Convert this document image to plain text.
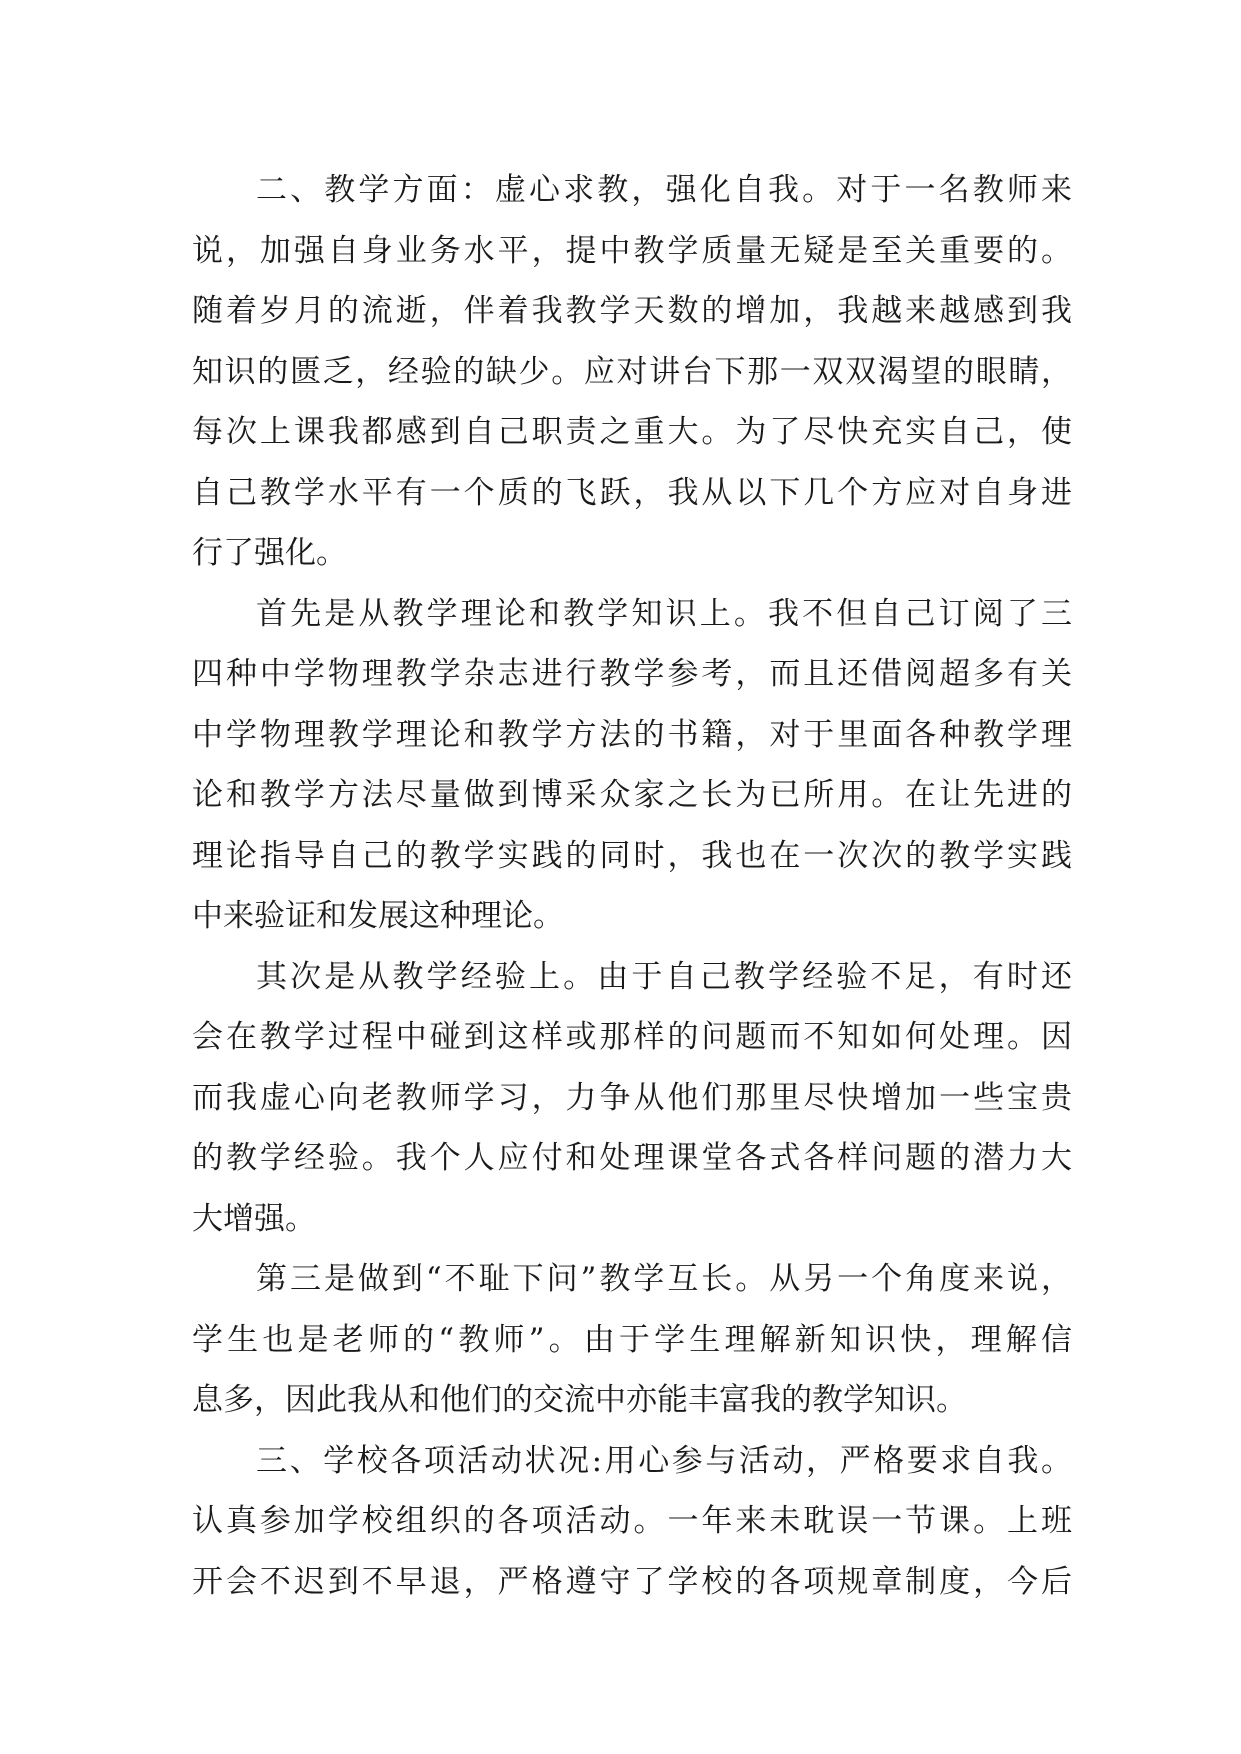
二、教学方面：虚心求教，强化自我。对于一名教师来
说，加强自身业务水平，提中教学质量无疑是至关重要的。
随着岁月的流逝，伴着我教学天数的增加，我越来越感到我
知识的匮乏，经验的缺少。应对讲台下那一双双渴望的眼睛，
每次上课我都感到自己职责之重大。为了尽快充实自己，使
自己教学水平有一个质的飞跃，我从以下几个方应对自身进
行了强化。
首先是从教学理论和教学知识上。我不但自己订阅了三
四种中学物理教学杂志进行教学参考，而且还借阅超多有关
中学物理教学理论和教学方法的书籍，对于里面各种教学理
论和教学方法尽量做到博采众家之长为已所用。在让先进的
理论指导自己的教学实践的同时，我也在一次次的教学实践
中来验证和发展这种理论。
其次是从教学经验上。由于自己教学经验不足，有时还
会在教学过程中碰到这样或那样的问题而不知如何处理。因
而我虚心向老教师学习，力争从他们那里尽快增加一些宝贵
的教学经验。我个人应付和处理课堂各式各样问题的潜力大
大增强。
第三是做到“不耻下问”教学互长。从另一个角度来说，
学生也是老师的“教师”。由于学生理解新知识快，理解信
息多，因此我从和他们的交流中亦能丰富我的教学知识。
三、学校各项活动状况:用心参与活动，严格要求自我。
认真参加学校组织的各项活动。一年来未耽误一节课。上班
开会不迟到不早退，严格遵守了学校的各项规章制度，今后
